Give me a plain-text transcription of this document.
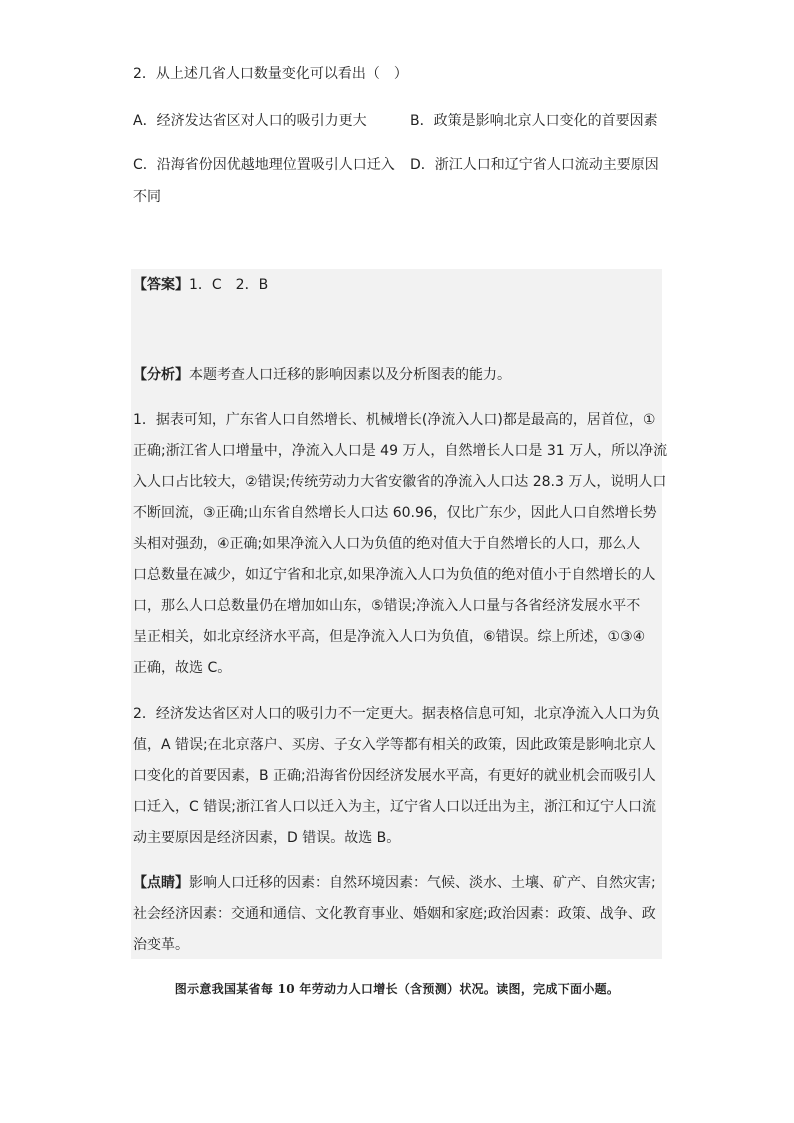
2．从上述几省人口数量变化可以看出（　）
A．经济发达省区对人口的吸引力更大	B．政策是影响北京人口变化的首要因素
C．沿海省份因优越地理位置吸引人口迁入 D．浙江人口和辽宁省人口流动主要原因
不同
【答案】1．C　2．B
【分析】本题考查人口迁移的影响因素以及分析图表的能力。
1．据表可知，广东省人口自然增长、机械增长(净流入人口)都是最高的，居首位，①
正确;浙江省人口增量中，净流入人口是 49 万人，自然增长人口是 31 万人，所以净流
入人口占比较大，②错误;传统劳动力大省安徽省的净流入人口达 28.3 万人，说明人口
不断回流，③正确;山东省自然增长人口达 60.96，仅比广东少，因此人口自然增长势
头相对强劲，④正确;如果净流入人口为负值的绝对值大于自然增长的人口，那么人
口总数量在减少，如辽宁省和北京,如果净流入人口为负值的绝对值小于自然增长的人
口，那么人口总数量仍在增加如山东，⑤错误;净流入人口量与各省经济发展水平不
呈正相关，如北京经济水平高，但是净流入人口为负值，⑥错误。综上所述，①③④
正确，故选 C。
2．经济发达省区对人口的吸引力不一定更大。据表格信息可知，北京净流入人口为负
值，A 错误;在北京落户、买房、子女入学等都有相关的政策，因此政策是影响北京人
口变化的首要因素，B 正确;沿海省份因经济发展水平高，有更好的就业机会而吸引人
口迁入，C 错误;浙江省人口以迁入为主，辽宁省人口以迁出为主，浙江和辽宁人口流
动主要原因是经济因素，D 错误。故选 B。
【点睛】影响人口迁移的因素：自然环境因素：气候、淡水、土壤、矿产、自然灾害;
社会经济因素：交通和通信、文化教育事业、婚姻和家庭;政治因素：政策、战争、政
治变革。
图示意我国某省每 10 年劳动力人口增长（含预测）状况。读图，完成下面小题。
